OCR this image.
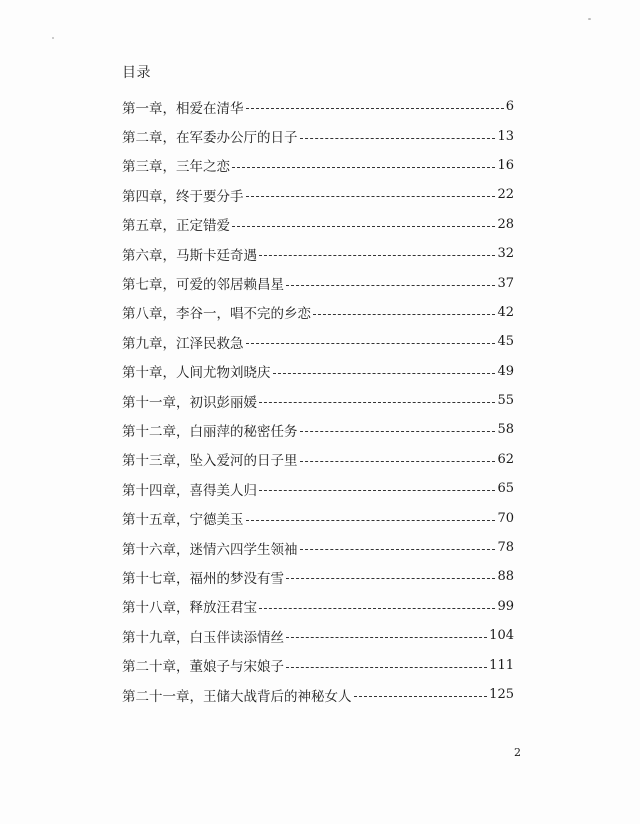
目录
第一章，相爱在清华	6
第二章，在军委办公厅的日子	13
第三章，三年之恋	16
第四章，终于要分手	22
第五章，正定错爱	28
第六章，马斯卡廷奇遇	32
第七章，可爱的邻居赖昌星	37
第八章，李谷一，唱不完的乡恋	42
第九章，江泽民救急	45
第十章，人间尤物刘晓庆	49
第十一章，初识彭丽媛	55
第十二章，白丽萍的秘密任务	58
第十三章，坠入爱河的日子里	62
第十四章，喜得美人归	65
第十五章，宁德美玉	70
第十六章，迷情六四学生领袖	78
第十七章，福州的梦没有雪	88
第十八章，释放汪君宝	99
第十九章，白玉伴读添情丝	104
第二十章，董娘子与宋娘子	111
第二十一章，王储大战背后的神秘女人	125
2
